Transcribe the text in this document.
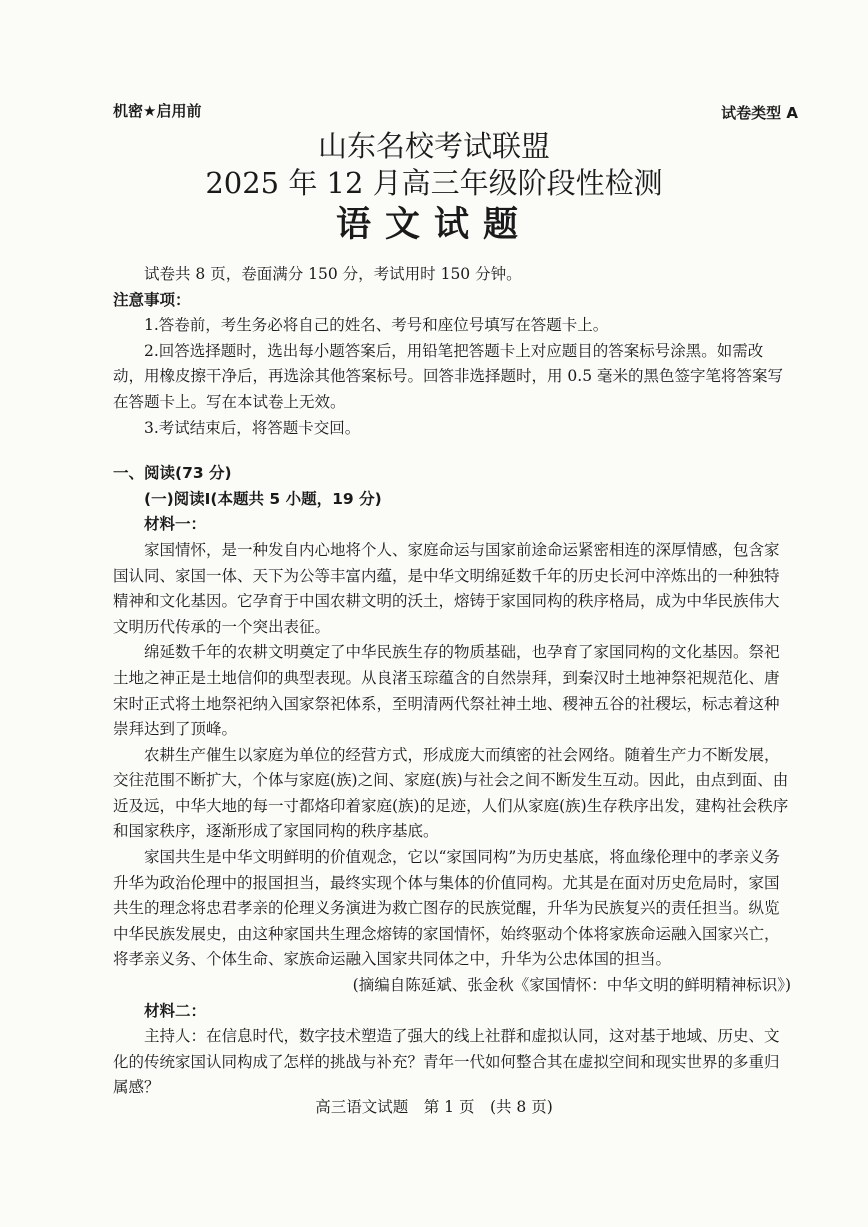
机密★启用前	试卷类型 A
山东名校考试联盟
2025 年 12 月高三年级阶段性检测
语文试题

试卷共 8 页，卷面满分 150 分，考试用时 150 分钟。

注意事项：

1.答卷前，考生务必将自己的姓名、考号和座位号填写在答题卡上。

2.回答选择题时，选出每小题答案后，用铅笔把答题卡上对应题目的答案标号涂黑。如需改动，用橡皮擦干净后，再选涂其他答案标号。回答非选择题时，用 0.5 毫米的黑色签字笔将答案写在答题卡上。写在本试卷上无效。

3.考试结束后，将答题卡交回。

一、阅读(73 分)

(一)阅读Ⅰ(本题共 5 小题，19 分)

材料一：

家国情怀，是一种发自内心地将个人、家庭命运与国家前途命运紧密相连的深厚情感，包含家国认同、家国一体、天下为公等丰富内蕴，是中华文明绵延数千年的历史长河中淬炼出的一种独特精神和文化基因。它孕育于中国农耕文明的沃土，熔铸于家国同构的秩序格局，成为中华民族伟大文明历代传承的一个突出表征。

绵延数千年的农耕文明奠定了中华民族生存的物质基础，也孕育了家国同构的文化基因。祭祀土地之神正是土地信仰的典型表现。从良渚玉琮蕴含的自然崇拜，到秦汉时土地神祭祀规范化、唐宋时正式将土地祭祀纳入国家祭祀体系，至明清两代祭社神土地、稷神五谷的社稷坛，标志着这种崇拜达到了顶峰。

农耕生产催生以家庭为单位的经营方式，形成庞大而缜密的社会网络。随着生产力不断发展，交往范围不断扩大，个体与家庭(族)之间、家庭(族)与社会之间不断发生互动。因此，由点到面、由近及远，中华大地的每一寸都烙印着家庭(族)的足迹，人们从家庭(族)生存秩序出发，建构社会秩序和国家秩序，逐渐形成了家国同构的秩序基底。

家国共生是中华文明鲜明的价值观念，它以“家国同构”为历史基底，将血缘伦理中的孝亲义务升华为政治伦理中的报国担当，最终实现个体与集体的价值同构。尤其是在面对历史危局时，家国共生的理念将忠君孝亲的伦理义务演进为救亡图存的民族觉醒，升华为民族复兴的责任担当。纵览中华民族发展史，由这种家国共生理念熔铸的家国情怀，始终驱动个体将家族命运融入国家兴亡，将孝亲义务、个体生命、家族命运融入国家共同体之中，升华为公忠体国的担当。

(摘编自陈延斌、张金秋《家国情怀：中华文明的鲜明精神标识》)

材料二：

主持人：在信息时代，数字技术塑造了强大的线上社群和虚拟认同，这对基于地域、历史、文化的传统家国认同构成了怎样的挑战与补充？青年一代如何整合其在虚拟空间和现实世界的多重归属感？

高三语文试题　第 1 页　(共 8 页)
